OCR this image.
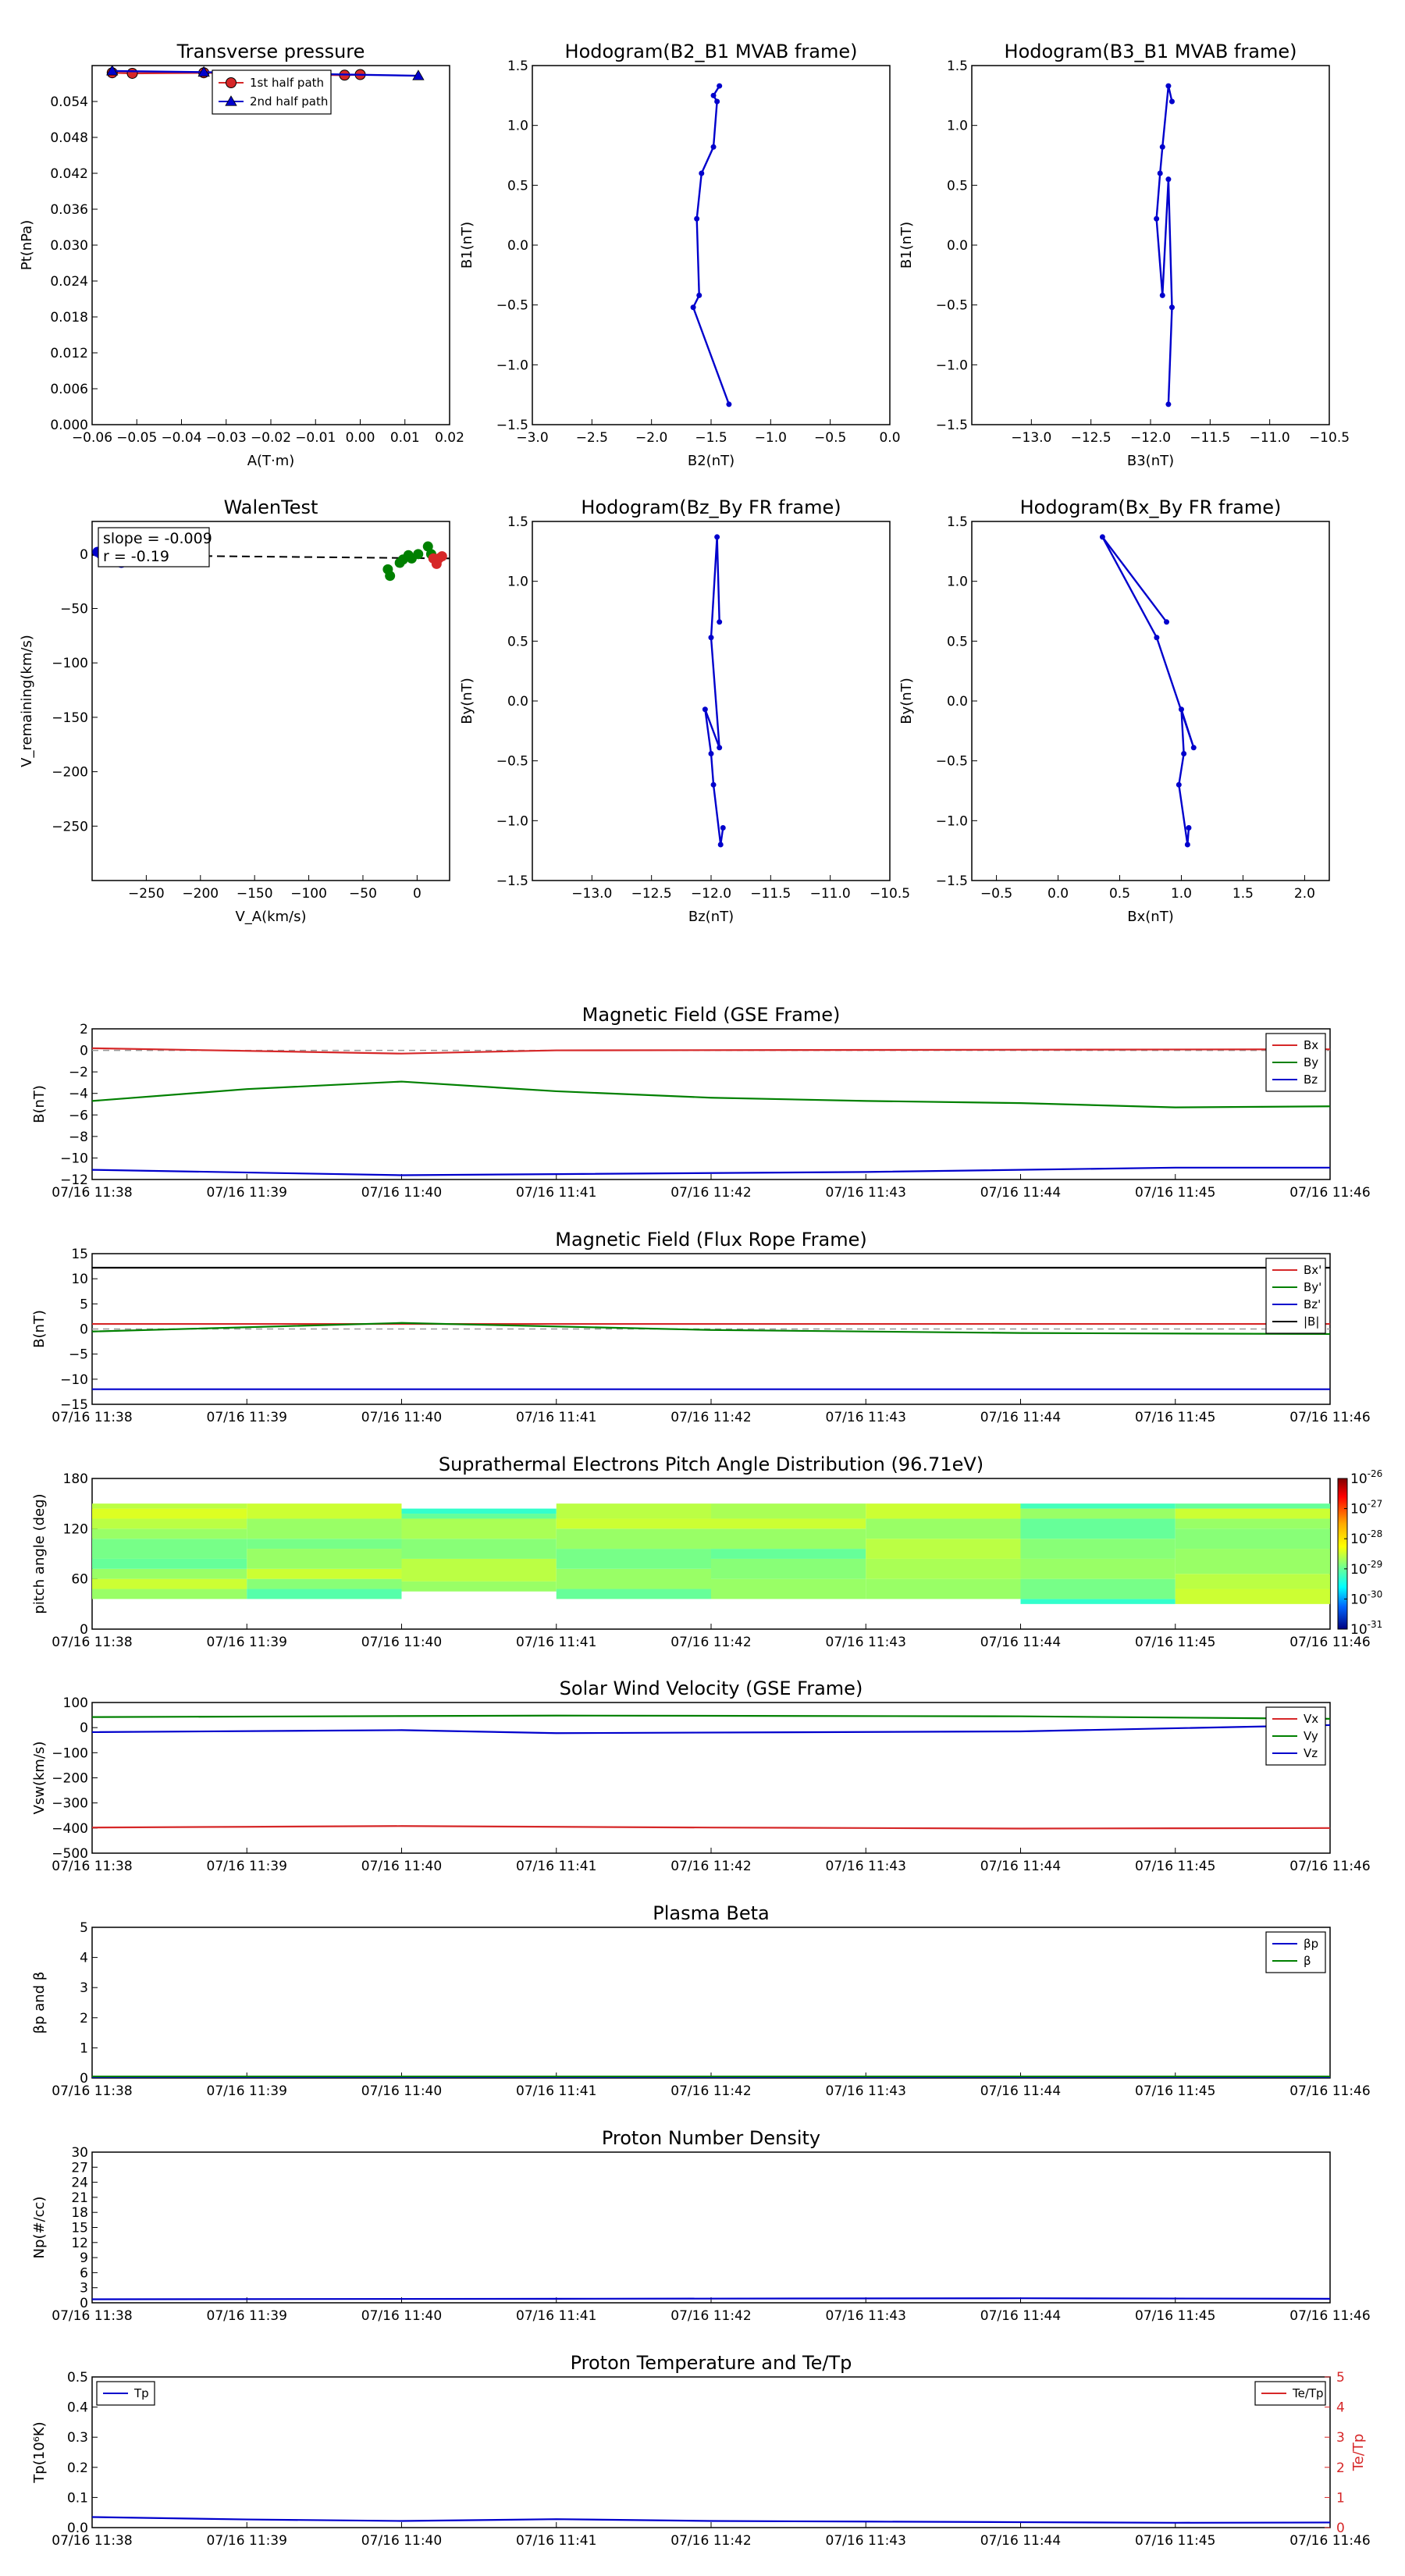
Transverse pressure
−0.06 −0.05 −0.04 −0.03 −0.02 −0.01 0.00 0.01 0.02
0.000
0.006
0.012
0.018
0.024
0.030
0.036
0.042
0.048
0.054
A(T·m)
Pt(nPa)
1st half path
2nd half path
Hodogram(B2_B1 MVAB frame)
−3.0 −2.5 −2.0 −1.5 −1.0 −0.5 0.0
−1.5
−1.0
−0.5
0.0
0.5
1.0
1.5
B2(nT)
B1(nT)
Hodogram(B3_B1 MVAB frame)
−13.0 −12.5 −12.0 −11.5 −11.0 −10.5
−1.5
−1.0
−0.5
0.0
0.5
1.0
1.5
B3(nT)
B1(nT)
WalenTest
−250 −200 −150 −100 −50	0
−250
−200
−150
−100
−50
0
V_A(km/s)
V_remaining(km/s)
slope = -0.009
r = -0.19
Hodogram(Bz_By FR frame)
−13.0 −12.5 −12.0 −11.5 −11.0 −10.5
−1.5
−1.0
−0.5
0.0
0.5
1.0
1.5
Bz(nT)
By(nT)
Hodogram(Bx_By FR frame)
−0.5	0.0	0.5	1.0	1.5	2.0
−1.5
−1.0
−0.5
0.0
0.5
1.0
1.5
Bx(nT)
By(nT)
Magnetic Field (GSE Frame)
07/16 11:38	07/16 11:39	07/16 11:40	07/16 11:41	07/16 11:42	07/16 11:43	07/16 11:44	07/16 11:45	07/16 11:46
−12
−10
−8
−6
−4
−2
0
2
B(nT)
Bx
By
Bz
Magnetic Field (Flux Rope Frame)
07/16 11:38	07/16 11:39	07/16 11:40	07/16 11:41	07/16 11:42	07/16 11:43	07/16 11:44	07/16 11:45	07/16 11:46
−15
−10
−5
0
5
10
15
B(nT)
Bx'
By'
Bz'
|B|
Solar Wind Velocity (GSE Frame)
07/16 11:38	07/16 11:39	07/16 11:40	07/16 11:41	07/16 11:42	07/16 11:43	07/16 11:44	07/16 11:45	07/16 11:46
−500
−400
−300
−200
−100
0
100
Vsw(km/s)
Vx
Vy
Vz
Plasma Beta
07/16 11:38	07/16 11:39	07/16 11:40	07/16 11:41	07/16 11:42	07/16 11:43	07/16 11:44	07/16 11:45	07/16 11:46
0
1
2
3
4
5
βp and β
βp
β
Proton Number Density
07/16 11:38	07/16 11:39	07/16 11:40	07/16 11:41	07/16 11:42	07/16 11:43	07/16 11:44	07/16 11:45	07/16 11:46
0
3
6
9
12
15
18
21
24
27
30
Np(#/cc)
Suprathermal Electrons Pitch Angle Distribution (96.71eV)
07/16 11:38	07/16 11:39	07/16 11:40	07/16 11:41	07/16 11:42	07/16 11:43	07/16 11:44	07/16 11:45	07/16 11:46
0
60
120
180
pitch angle (deg)
$10^{-26}$
$10^{-27}$
$10^{-28}$
$10^{-29}$
$10^{-30}$
$10^{-31}$
Proton Temperature and Te/Tp
07/16 11:38	07/16 11:39	07/16 11:40	07/16 11:41	07/16 11:42	07/16 11:43	07/16 11:44	07/16 11:45	07/16 11:46
0.0
0.1
0.2
0.3
0.4
0.5
Tp(10⁶K)
0
1
2
3
4
5
Te/Tp
Tp	Te/Tp
